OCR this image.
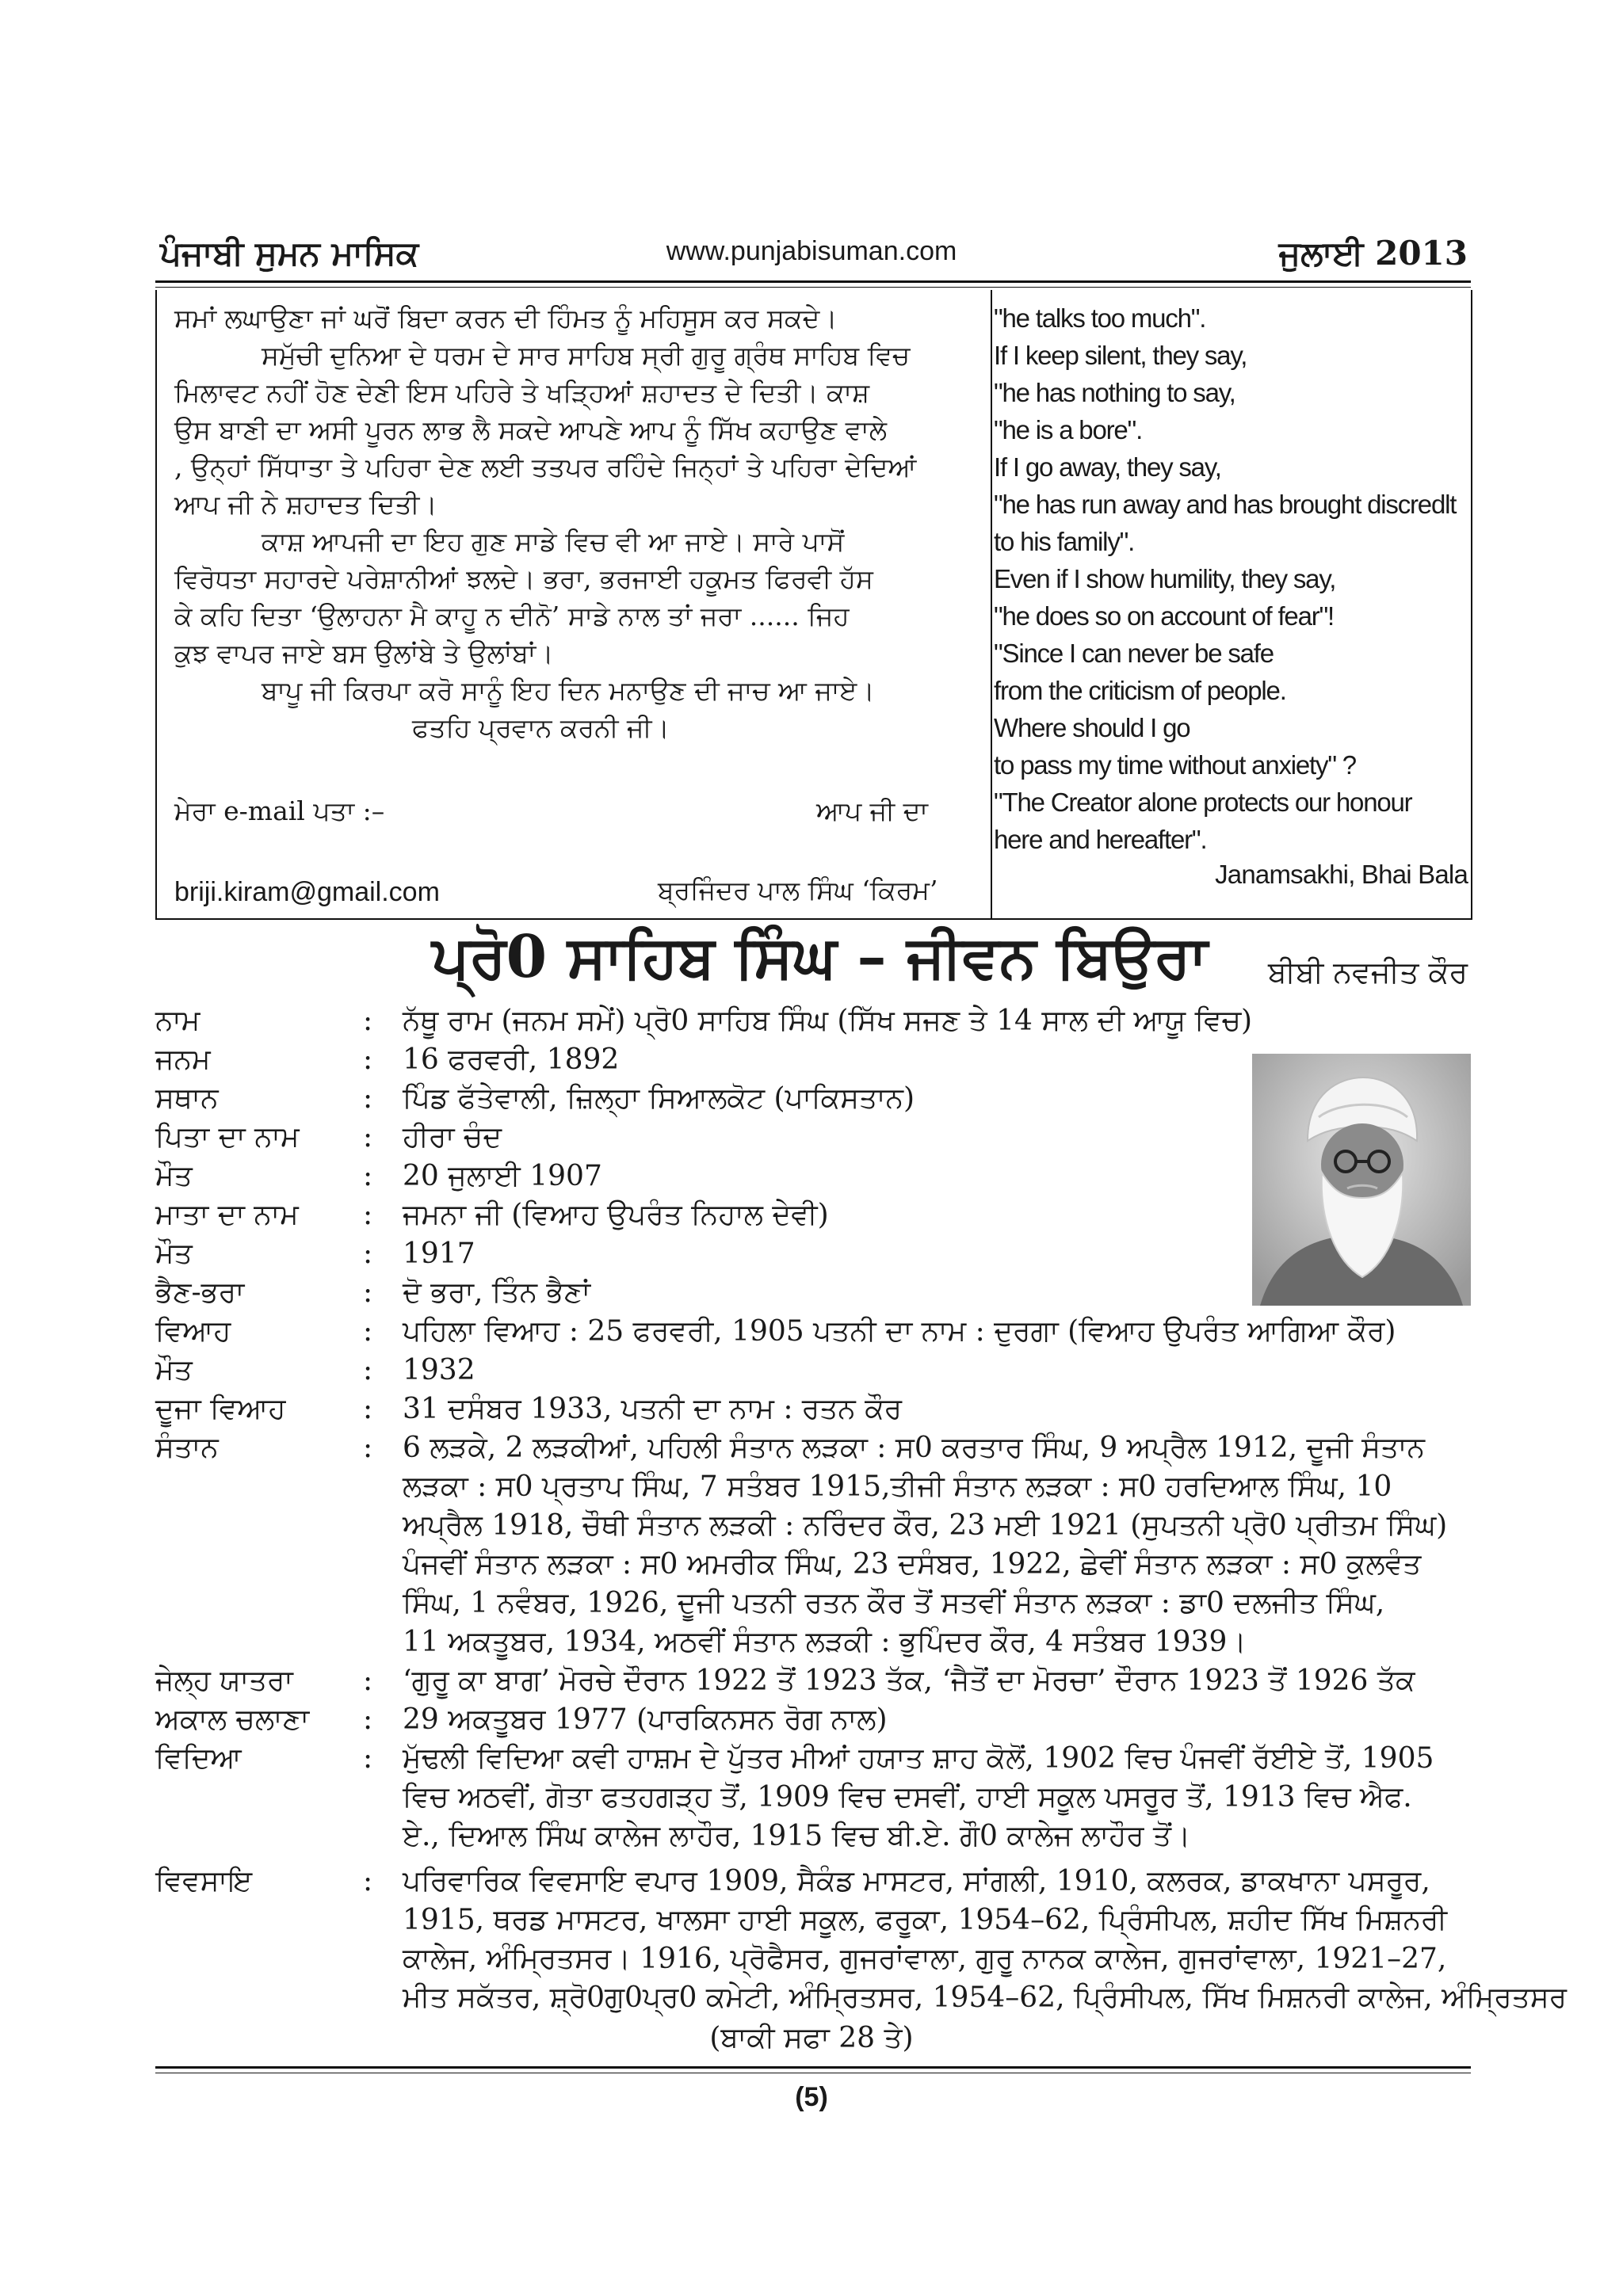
ਪੰਜਾਬੀ ਸੁਮਨ ਮਾਸਿਕ	www.punjabisuman.com	ਜੁਲਾਈ 2013
ਸਮਾਂ ਲਘਾਉਣਾ ਜਾਂ ਘਰੋਂ ਬਿਦਾ ਕਰਨ ਦੀ ਹਿੰਮਤ ਨੂੰ ਮਹਿਸੂਸ ਕਰ ਸਕਦੇ।
ਸਮੁੱਚੀ ਦੁਨਿਆ ਦੇ ਧਰਮ ਦੇ ਸਾਰ ਸਾਹਿਬ ਸ੍ਰੀ ਗੁਰੂ ਗ੍ਰੰਥ ਸਾਹਿਬ ਵਿਚ
ਮਿਲਾਵਟ ਨਹੀਂ ਹੋਣ ਦੇਣੀ ਇਸ ਪਹਿਰੇ ਤੇ ਖੜ੍ਹਿਆਂ ਸ਼ਹਾਦਤ ਦੇ ਦਿਤੀ। ਕਾਸ਼
ਉਸ ਬਾਣੀ ਦਾ ਅਸੀ ਪੂਰਨ ਲਾਭ ਲੈ ਸਕਦੇ ਆਪਣੇ ਆਪ ਨੂੰ ਸਿੱਖ ਕਹਾਉਣ ਵਾਲੇ
, ਉਨ੍ਹਾਂ ਸਿੱਧਾਤਾ ਤੇ ਪਹਿਰਾ ਦੇਣ ਲਈ ਤਤਪਰ ਰਹਿੰਦੇ ਜਿਨ੍ਹਾਂ ਤੇ ਪਹਿਰਾ ਦੇਦਿਆਂ
ਆਪ ਜੀ ਨੇ ਸ਼ਹਾਦਤ ਦਿਤੀ।
ਕਾਸ਼ ਆਪਜੀ ਦਾ ਇਹ ਗੁਣ ਸਾਡੇ ਵਿਚ ਵੀ ਆ ਜਾਏ। ਸਾਰੇ ਪਾਸੋਂ
ਵਿਰੋਧਤਾ ਸਹਾਰਦੇ ਪਰੇਸ਼ਾਨੀਆਂ ਝਲਦੇ। ਭਰਾ, ਭਰਜਾਈ ਹਕੂਮਤ ਫਿਰਵੀ ਹੱਸ
ਕੇ ਕਹਿ ਦਿਤਾ ‘ਉਲਾਹਨਾ ਮੈ ਕਾਹੂ ਨ ਦੀਨੋ’ ਸਾਡੇ ਨਾਲ ਤਾਂ ਜਰਾ ...... ਜਿਹ
ਕੁਝ ਵਾਪਰ ਜਾਏ ਬਸ ਉਲਾਂਬੇ ਤੇ ਉਲਾਂਬਾਂ।
ਬਾਪੂ ਜੀ ਕਿਰਪਾ ਕਰੋ ਸਾਨੂੰ ਇਹ ਦਿਨ ਮਨਾਉਣ ਦੀ ਜਾਚ ਆ ਜਾਏ।
ਫਤਹਿ ਪ੍ਰਵਾਨ ਕਰਨੀ ਜੀ।
ਮੇਰਾ e-mail ਪਤਾ :–	ਆਪ ਜੀ ਦਾ
briji.kiram@gmail.com	ਬ੍ਰਜਿੰਦਰ ਪਾਲ ਸਿੰਘ ‘ਕਿਰਮ’
"he talks too much".
If I keep silent, they say,
"he has nothing to say,
"he is a bore".
If I go away, they say,
"he has run away and has brought discredlt
to his family".
Even if I show humility, they say,
"he does so on account of fear"!
"Since I can never be safe
from the criticism of people.
Where should I go
to pass my time without anxiety" ?
"The Creator alone protects our honour
here and hereafter".
Janamsakhi, Bhai Bala
ਪ੍ਰੋ0 ਸਾਹਿਬ ਸਿੰਘ – ਜੀਵਨ ਬਿਉਰਾ ਬੀਬੀ ਨਵਜੀਤ ਕੌਰ
ਨਾਮ	: ਨੱਥੂ ਰਾਮ (ਜਨਮ ਸਮੇਂ) ਪ੍ਰੋ0 ਸਾਹਿਬ ਸਿੰਘ (ਸਿੱਖ ਸਜਣ ਤੇ 14 ਸਾਲ ਦੀ ਆਯੂ ਵਿਚ)
ਜਨਮ	: 16 ਫਰਵਰੀ, 1892
ਸਥਾਨ	: ਪਿੰਡ ਫੱਤੇਵਾਲੀ, ਜ਼ਿਲ੍ਹਾ ਸਿਆਲਕੋਟ (ਪਾਕਿਸਤਾਨ)
ਪਿਤਾ ਦਾ ਨਾਮ : ਹੀਰਾ ਚੰਦ
ਮੌਤ	: 20 ਜੁਲਾਈ 1907
ਮਾਤਾ ਦਾ ਨਾਮ : ਜਮਨਾ ਜੀ (ਵਿਆਹ ਉਪਰੰਤ ਨਿਹਾਲ ਦੇਵੀ)
ਮੌਤ	: 1917
ਭੈਣ-ਭਰਾ	: ਦੋ ਭਰਾ, ਤਿੰਨ ਭੈਣਾਂ
ਵਿਆਹ	: ਪਹਿਲਾ ਵਿਆਹ : 25 ਫਰਵਰੀ, 1905 ਪਤਨੀ ਦਾ ਨਾਮ : ਦੁਰਗਾ (ਵਿਆਹ ਉਪਰੰਤ ਆਗਿਆ ਕੌਰ)
ਮੌਤ	: 1932
ਦੂਜਾ ਵਿਆਹ	: 31 ਦਸੰਬਰ 1933, ਪਤਨੀ ਦਾ ਨਾਮ : ਰਤਨ ਕੌਰ
ਸੰਤਾਨ	: 6 ਲੜਕੇ, 2 ਲੜਕੀਆਂ, ਪਹਿਲੀ ਸੰਤਾਨ ਲੜਕਾ : ਸ0 ਕਰਤਾਰ ਸਿੰਘ, 9 ਅਪ੍ਰੈਲ 1912, ਦੂਜੀ ਸੰਤਾਨ
ਲੜਕਾ : ਸ0 ਪ੍ਰਤਾਪ ਸਿੰਘ, 7 ਸਤੰਬਰ 1915,ਤੀਜੀ ਸੰਤਾਨ ਲੜਕਾ : ਸ0 ਹਰਦਿਆਲ ਸਿੰਘ, 10
ਅਪ੍ਰੈਲ 1918, ਚੌਥੀ ਸੰਤਾਨ ਲੜਕੀ : ਨਰਿੰਦਰ ਕੌਰ, 23 ਮਈ 1921 (ਸੁਪਤਨੀ ਪ੍ਰੋ0 ਪ੍ਰੀਤਮ ਸਿੰਘ)
ਪੰਜਵੀਂ ਸੰਤਾਨ ਲੜਕਾ : ਸ0 ਅਮਰੀਕ ਸਿੰਘ, 23 ਦਸੰਬਰ, 1922, ਛੇਵੀਂ ਸੰਤਾਨ ਲੜਕਾ : ਸ0 ਕੁਲਵੰਤ
ਸਿੰਘ, 1 ਨਵੰਬਰ, 1926, ਦੂਜੀ ਪਤਨੀ ਰਤਨ ਕੌਰ ਤੋਂ ਸਤਵੀਂ ਸੰਤਾਨ ਲੜਕਾ : ਡਾ0 ਦਲਜੀਤ ਸਿੰਘ,
11 ਅਕਤੂਬਰ, 1934, ਅਠਵੀਂ ਸੰਤਾਨ ਲੜਕੀ : ਭੁਪਿੰਦਰ ਕੌਰ, 4 ਸਤੰਬਰ 1939।
ਜੇਲ੍ਹ ਯਾਤਰਾ : ‘ਗੁਰੂ ਕਾ ਬਾਗ’ ਮੋਰਚੇ ਦੌਰਾਨ 1922 ਤੋਂ 1923 ਤੱਕ, ‘ਜੈਤੋਂ ਦਾ ਮੋਰਚਾ’ ਦੌਰਾਨ 1923 ਤੋਂ 1926 ਤੱਕ
ਅਕਾਲ ਚਲਾਣਾ : 29 ਅਕਤੂਬਰ 1977 (ਪਾਰਕਿਨਸਨ ਰੋਗ ਨਾਲ)
ਵਿਦਿਆ	: ਮੁੱਢਲੀ ਵਿਦਿਆ ਕਵੀ ਹਾਸ਼ਮ ਦੇ ਪੁੱਤਰ ਮੀਆਂ ਹਯਾਤ ਸ਼ਾਹ ਕੋਲੋਂ, 1902 ਵਿਚ ਪੰਜਵੀਂ ਰੱਈਏ ਤੋਂ, 1905
ਵਿਚ ਅਠਵੀਂ, ਗੋਤਾ ਫਤਹਗੜ੍ਹ ਤੋਂ, 1909 ਵਿਚ ਦਸਵੀਂ, ਹਾਈ ਸਕੂਲ ਪਸਰੂਰ ਤੋਂ, 1913 ਵਿਚ ਐਫ.
ਏ., ਦਿਆਲ ਸਿੰਘ ਕਾਲੇਜ ਲਾਹੌਰ, 1915 ਵਿਚ ਬੀ.ਏ. ਗੌ0 ਕਾਲੇਜ ਲਾਹੌਰ ਤੋਂ।
ਵਿਵਸਾਇ	: ਪਰਿਵਾਰਿਕ ਵਿਵਸਾਇ ਵਪਾਰ 1909, ਸੈਕੰਡ ਮਾਸਟਰ, ਸਾਂਗਲੀ, 1910, ਕਲਰਕ, ਡਾਕਖਾਨਾ ਪਸਰੂਰ,
1915, ਥਰਡ ਮਾਸਟਰ, ਖਾਲਸਾ ਹਾਈ ਸਕੂਲ, ਫਰੂਕਾ, 1954–62, ਪ੍ਰਿੰਸੀਪਲ, ਸ਼ਹੀਦ ਸਿੱਖ ਮਿਸ਼ਨਰੀ
ਕਾਲੇਜ, ਅੰਮ੍ਰਿਤਸਰ। 1916, ਪ੍ਰੋਫੈਸਰ, ਗੁਜਰਾਂਵਾਲਾ, ਗੁਰੂ ਨਾਨਕ ਕਾਲੇਜ, ਗੁਜਰਾਂਵਾਲਾ, 1921–27,
ਮੀਤ ਸਕੱਤਰ, ਸ਼੍ਰੋ0ਗੁ0ਪ੍ਰ0 ਕਮੇਟੀ, ਅੰਮ੍ਰਿਤਸਰ, 1954–62, ਪ੍ਰਿੰਸੀਪਲ, ਸਿੱਖ ਮਿਸ਼ਨਰੀ ਕਾਲੇਜ, ਅੰਮ੍ਰਿਤਸਰ
(ਬਾਕੀ ਸਫਾ 28 ਤੇ)
(5)
